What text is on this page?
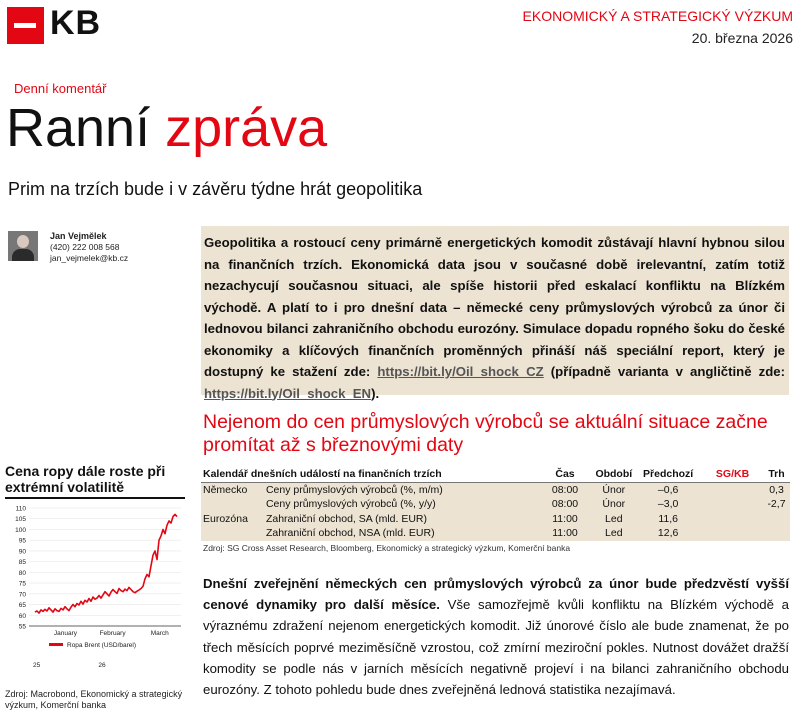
KB	EKONOMICKÝ A STRATEGICKÝ VÝZKUM
20. března 2026
Denní komentář
Ranní zpráva
Prim na trzích bude i v závěru týdne hrát geopolitika
Jan Vejmělek
(420) 222 008 568
jan_vejmelek@kb.cz
Geopolitika a rostoucí ceny primárně energetických komodit zůstávají hlavní hybnou silou na finančních trzích. Ekonomická data jsou v současné době irelevantní, zatím totiž nezachycují současnou situaci, ale spíše historii před eskalací konfliktu na Blízkém východě. A platí to i pro dnešní data – německé ceny průmyslových výrobců za únor či lednovou bilanci zahraničního obchodu eurozóny. Simulace dopadu ropného šoku do české ekonomiky a klíčových finančních proměnných přináší náš speciální report, který je dostupný ke stažení zde: https://bit.ly/Oil_shock_CZ (případně varianta v angličtině zde: https://bit.ly/Oil_shock_EN).
Nejenom do cen průmyslových výrobců se aktuální situace začne promítat až s březnovými daty
Kalendář dnešních událostí na finančních trzích		Čas	Období	Předchozí	SG/KB	Trh
Německo	Ceny průmyslových výrobců (%, m/m)	08:00	Únor	–0,6		0,3
	Ceny průmyslových výrobců (%, y/y)	08:00	Únor	–3,0		-2,7
Eurozóna	Zahraniční obchod, SA (mld. EUR)	11:00	Led	11,6		
	Zahraniční obchod, NSA (mld. EUR)	11:00	Led	12,6		
Zdroj: SG Cross Asset Research, Bloomberg, Ekonomický a strategický výzkum, Komerční banka
Dnešní zveřejnění německých cen průmyslových výrobců za únor bude předzvěstí vyšší cenové dynamiky pro další měsíce. Vše samozřejmě kvůli konfliktu na Blízkém východě a výraznému zdražení nejenom energetických komodit. Již únorové číslo ale bude znamenat, že po třech měsících poprvé meziměsíčně vzrostou, což zmírní meziroční pokles. Nutnost dovážet dražší komodity se podle nás v jarních měsících negativně projeví i na bilanci zahraničního obchodu eurozóny. Z tohoto pohledu bude dnes zveřejněná lednová statistika nezajímavá.
Cena ropy dále roste při extrémní volatilitě
110
105
100
95
90
85
80
75
70
65
60
55
January	February	March
25	26
Ropa Brent (USD/barel)
Zdroj: Macrobond, Ekonomický a strategický výzkum, Komerční banka
